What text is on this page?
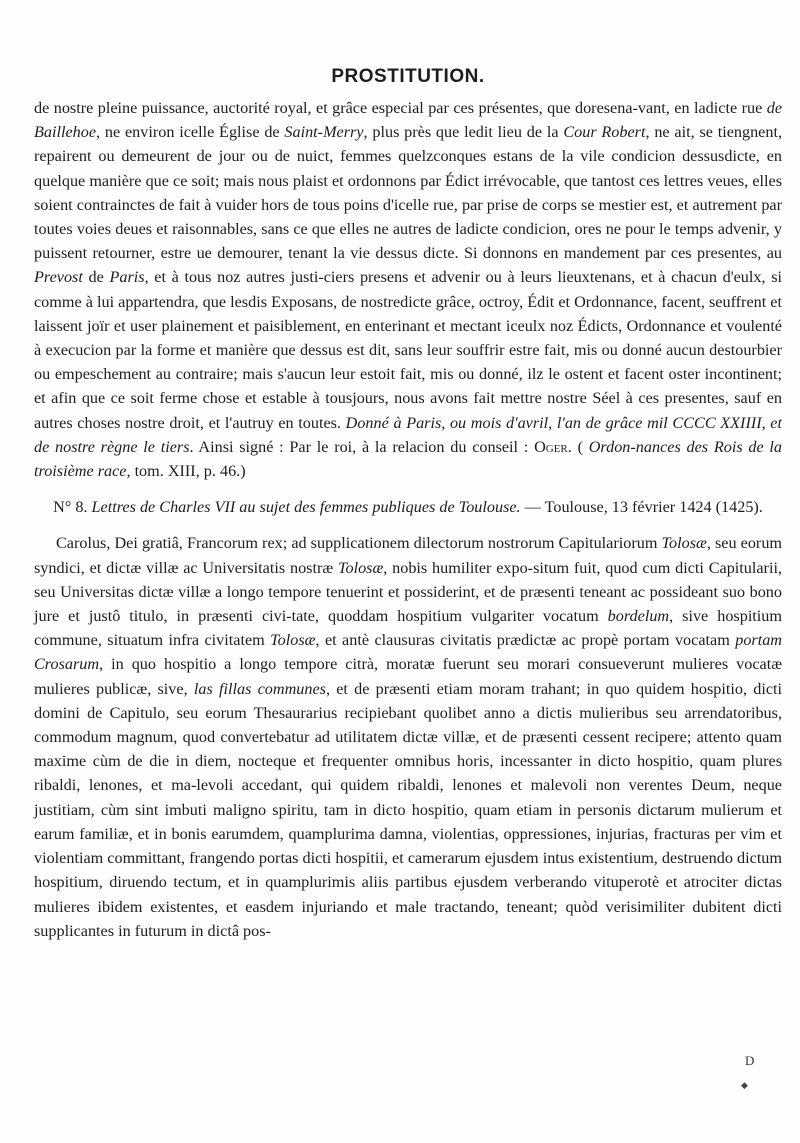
PROSTITUTION.

de nostre pleine puissance, auctorité royal, et grâce especial par ces présentes, que doresena-vant, en ladicte rue de Baillehoe, ne environ icelle Église de Saint-Merry, plus près que ledit lieu de la Cour Robert, ne ait, se tiengnent, repairent ou demeurent de jour ou de nuict, femmes quelzconques estans de la vile condicion dessusdicte, en quelque manière que ce soit; mais nous plaist et ordonnons par Édict irrévocable, que tantost ces lettres veues, elles soient contrainctes de fait à vuider hors de tous poins d'icelle rue, par prise de corps se mestier est, et autrement par toutes voies deues et raisonnables, sans ce que elles ne autres de ladicte condicion, ores ne pour le temps advenir, y puissent retourner, estre ue demourer, tenant la vie dessus dicte. Si donnons en mandement par ces presentes, au Prevost de Paris, et à tous noz autres justi-ciers presens et advenir ou à leurs lieuxtenans, et à chacun d'eulx, si comme à lui appartendra, que lesdis Exposans, de nostredicte grâce, octroy, Édit et Ordonnance, facent, seuffrent et laissent joïr et user plainement et paisiblement, en enterinant et mectant iceulx noz Édicts, Ordonnance et voulenté à execucion par la forme et manière que dessus est dit, sans leur souffrir estre fait, mis ou donné aucun destourbier ou empeschement au contraire; mais s'aucun leur estoit fait, mis ou donné, ilz le ostent et facent oster incontinent; et afin que ce soit ferme chose et estable à tousjours, nous avons fait mettre nostre Séel à ces presentes, sauf en autres choses nostre droit, et l'autruy en toutes. Donné à Paris, ou mois d'avril, l'an de grâce mil CCCC XXIIII, et de nostre règne le tiers. Ainsi signé : Par le roi, à la relacion du conseil : Oger. ( Ordon-nances des Rois de la troisième race, tom. XIII, p. 46.)

N° 8. Lettres de Charles VII au sujet des femmes publiques de Toulouse. — Toulouse, 13 février 1424 (1425).

Carolus, Dei gratiâ, Francorum rex; ad supplicationem dilectorum nostrorum Capitulariorum Tolosæ, seu eorum syndici, et dictæ villæ ac Universitatis nostræ Tolosæ, nobis humiliter expo-situm fuit, quod cum dicti Capitularii, seu Universitas dictæ villæ a longo tempore tenuerint et possiderint, et de præsenti teneant ac possideant suo bono jure et justô titulo, in præsenti civi-tate, quoddam hospitium vulgariter vocatum bordelum, sive hospitium commune, situatum infra civitatem Tolosæ, et antè clausuras civitatis prædictæ ac propè portam vocatam portam Crosarum, in quo hospitio a longo tempore citrà, moratæ fuerunt seu morari consueverunt mulieres vocatæ mulieres publicæ, sive, las fillas communes, et de præsenti etiam moram trahant; in quo quidem hospitio, dicti domini de Capitulo, seu eorum Thesaurarius recipiebant quolibet anno a dictis mulieribus seu arrendatoribus, commodum magnum, quod convertebatur ad utilitatem dictæ villæ, et de præsenti cessent recipere; attento quam maxime cùm de die in diem, nocteque et frequenter omnibus horis, incessanter in dicto hospitio, quam plures ribaldi, lenones, et ma-levoli accedant, qui quidem ribaldi, lenones et malevoli non verentes Deum, neque justitiam, cùm sint imbuti maligno spiritu, tam in dicto hospitio, quam etiam in personis dictarum mulierum et earum familiæ, et in bonis earumdem, quamplurima damna, violentias, oppressiones, injurias, fracturas per vim et violentiam committant, frangendo portas dicti hospitii, et camerarum ejusdem intus existentium, destruendo dictum hospitium, diruendo tectum, et in quamplurimis aliis partibus ejusdem verberando vituperotè et atrociter dictas mulieres ibidem existentes, et easdem injuriando et male tractando, teneant; quòd verisimiliter dubitent dicti supplicantes in futurum in dictâ pos-

D
◆
